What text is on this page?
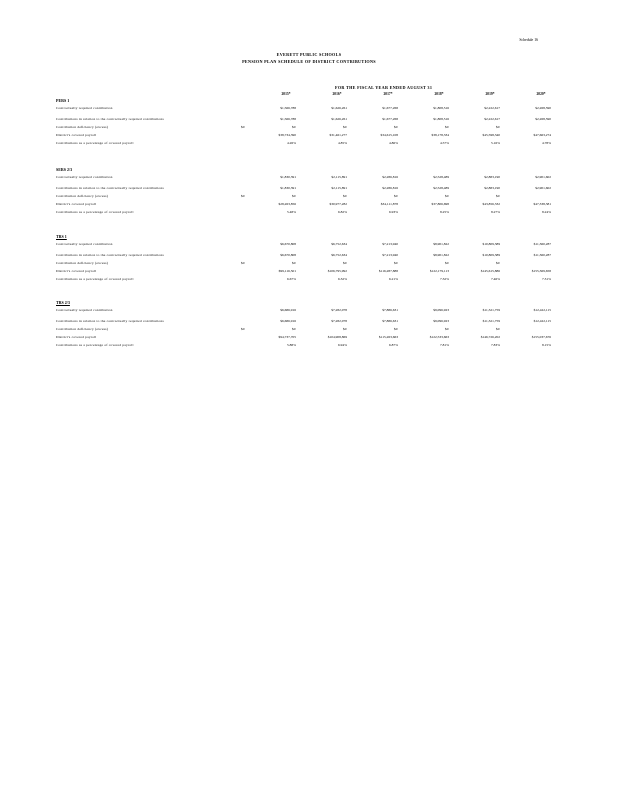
Schedule 16
EVERETT PUBLIC SCHOOLS
PENSION PLAN SCHEDULE OF DISTRICT CONTRIBUTIONS
FOR THE FISCAL YEAR ENDED AUGUST 31
2015*	2016*	2017*	2018*	2019*	2020*
PERS 1
Contractually required contribution	$1,566,788	$1,626,261	$1,677,268	$1,808,516	$2,222,617	$2,268,590
Contributions in relation to the contractually required contributions	$1,566,788	$1,626,261	$1,677,268	$1,808,516	$2,222,617	$2,268,590
Contribution deficiency (excess)	$0	$0	$0	$0	$0	$0
District's covered payroll	$38,734,390	$31,461,277	$34,615,108	$38,178,334	$45,598,340	$47,663,274
Contributions as a percentage of covered payroll	4.26%	4.85%	4.86%	4.57%	5.16%	4.78%
SERS 2/3
Contractually required contribution	$1,830,391	$2,115,891	$2,286,816	$2,528,489	$2,883,190	$2,901,602
Contributions in relation to the contractually required contributions	$1,830,391	$2,115,891	$2,286,816	$2,528,489	$2,883,190	$2,901,602
Contribution deficiency (excess)	$0	$0	$0	$0	$0	$0
District's covered payroll	$28,263,856	$30,977,282	$34,111,878	$37,806,698	$43,856,332	$47,338,381
Contributions as a percentage of covered payroll	5.48%	6.82%	6.93%	8.25%	8.27%	8.24%
TRS 1
Contractually required contribution	$6,670,808	$6,752,634	$7,213,940	$8,901,822	$10,809,389	$11,360,287
Contributions in relation to the contractually required contributions	$6,670,808	$6,752,634	$7,213,940	$8,901,822	$10,809,389	$11,360,287
Contribution deficiency (excess)	$0	$0	$0	$0	$0	$0
District's covered payroll	$99,116,501	$106,795,992	$116,287,888	$122,179,113	$145,615,886	$155,369,658
Contributions as a percentage of covered payroll	6.67%	6.32%	6.21%	7.32%	7.46%	7.31%
TRS 2/3
Contractually required contribution	$6,686,916	$7,282,078	$7,886,631	$9,096,923	$11,321,759	$12,422,115
Contributions in relation to the contractually required contributions	$6,686,916	$7,282,078	$7,886,631	$9,096,923	$11,321,759	$12,422,115
Contribution deficiency (excess)	$0	$0	$0	$0	$0	$0
District's covered payroll	$94,737,705	$104,908,869	$115,263,663	$122,533,663	$146,726,202	$155,037,676
Contributions as a percentage of covered payroll	5.88%	6.94%	6.87%	7.81%	7.83%	8.15%
